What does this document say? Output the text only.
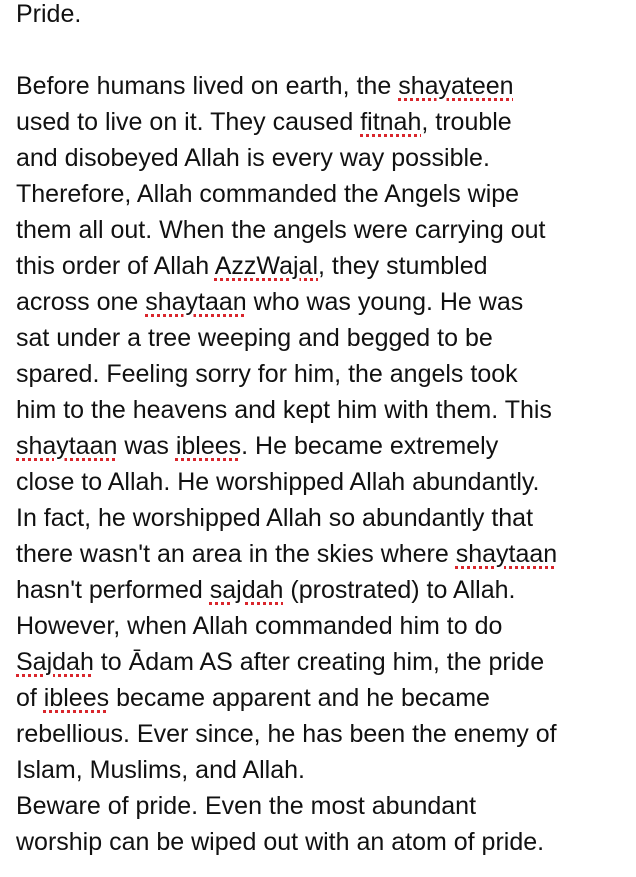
Pride.
Before humans lived on earth, the shayateen
used to live on it. They caused fitnah, trouble
and disobeyed Allah is every way possible.
Therefore, Allah commanded the Angels wipe
them all out. When the angels were carrying out
this order of Allah AzzWajal, they stumbled
across one shaytaan who was young. He was
sat under a tree weeping and begged to be
spared. Feeling sorry for him, the angels took
him to the heavens and kept him with them. This
shaytaan was iblees. He became extremely
close to Allah. He worshipped Allah abundantly.
In fact, he worshipped Allah so abundantly that
there wasn't an area in the skies where shaytaan
hasn't performed sajdah (prostrated) to Allah.
However, when Allah commanded him to do
Sajdah to Ādam AS after creating him, the pride
of iblees became apparent and he became
rebellious. Ever since, he has been the enemy of
Islam, Muslims, and Allah.
Beware of pride. Even the most abundant
worship can be wiped out with an atom of pride.
